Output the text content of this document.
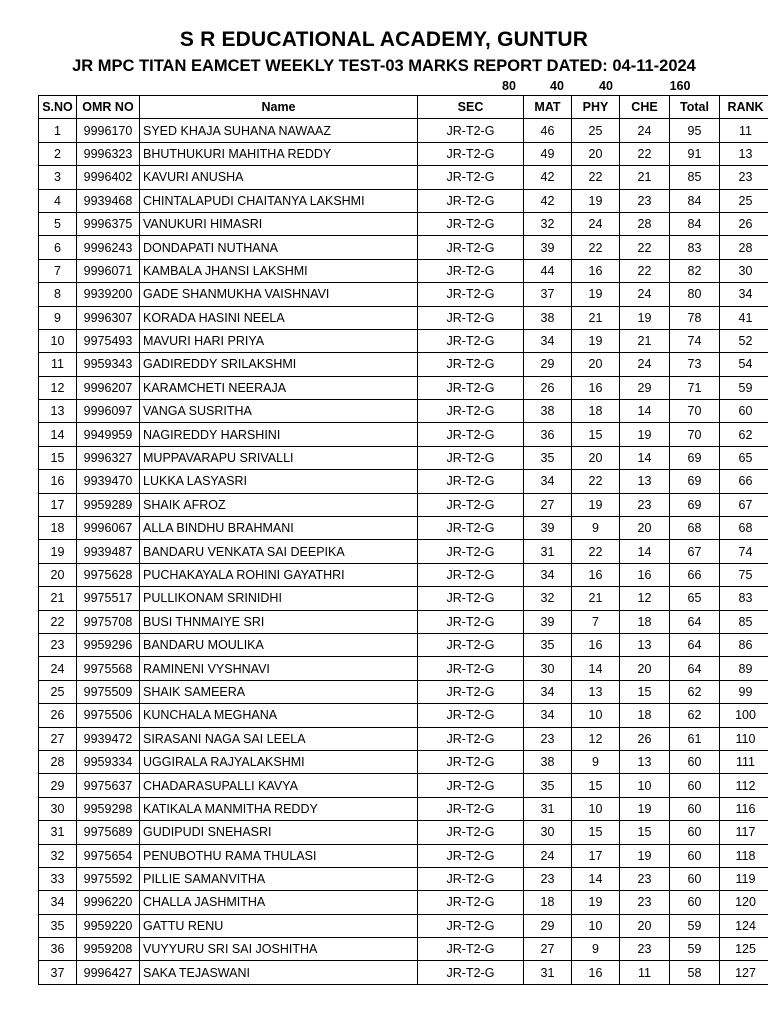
S R EDUCATIONAL ACADEMY, GUNTUR
JR MPC TITAN EAMCET WEEKLY TEST-03 MARKS REPORT DATED: 04-11-2024
80	40	40	160
S.NO	OMR NO	Name	SEC	MAT	PHY	CHE	Total	RANK
1	9996170	SYED KHAJA SUHANA NAWAAZ	JR-T2-G	46	25	24	95	11
2	9996323	BHUTHUKURI MAHITHA REDDY	JR-T2-G	49	20	22	91	13
3	9996402	KAVURI ANUSHA	JR-T2-G	42	22	21	85	23
4	9939468	CHINTALAPUDI CHAITANYA LAKSHMI	JR-T2-G	42	19	23	84	25
5	9996375	VANUKURI HIMASRI	JR-T2-G	32	24	28	84	26
6	9996243	DONDAPATI NUTHANA	JR-T2-G	39	22	22	83	28
7	9996071	KAMBALA JHANSI LAKSHMI	JR-T2-G	44	16	22	82	30
8	9939200	GADE SHANMUKHA VAISHNAVI	JR-T2-G	37	19	24	80	34
9	9996307	KORADA HASINI NEELA	JR-T2-G	38	21	19	78	41
10	9975493	MAVURI HARI PRIYA	JR-T2-G	34	19	21	74	52
11	9959343	GADIREDDY SRILAKSHMI	JR-T2-G	29	20	24	73	54
12	9996207	KARAMCHETI NEERAJA	JR-T2-G	26	16	29	71	59
13	9996097	VANGA SUSRITHA	JR-T2-G	38	18	14	70	60
14	9949959	NAGIREDDY HARSHINI	JR-T2-G	36	15	19	70	62
15	9996327	MUPPAVARAPU SRIVALLI	JR-T2-G	35	20	14	69	65
16	9939470	LUKKA LASYASRI	JR-T2-G	34	22	13	69	66
17	9959289	SHAIK AFROZ	JR-T2-G	27	19	23	69	67
18	9996067	ALLA BINDHU BRAHMANI	JR-T2-G	39	9	20	68	68
19	9939487	BANDARU VENKATA SAI DEEPIKA	JR-T2-G	31	22	14	67	74
20	9975628	PUCHAKAYALA ROHINI GAYATHRI	JR-T2-G	34	16	16	66	75
21	9975517	PULLIKONAM SRINIDHI	JR-T2-G	32	21	12	65	83
22	9975708	BUSI THNMAIYE SRI	JR-T2-G	39	7	18	64	85
23	9959296	BANDARU MOULIKA	JR-T2-G	35	16	13	64	86
24	9975568	RAMINENI VYSHNAVI	JR-T2-G	30	14	20	64	89
25	9975509	SHAIK SAMEERA	JR-T2-G	34	13	15	62	99
26	9975506	KUNCHALA MEGHANA	JR-T2-G	34	10	18	62	100
27	9939472	SIRASANI NAGA SAI LEELA	JR-T2-G	23	12	26	61	110
28	9959334	UGGIRALA RAJYALAKSHMI	JR-T2-G	38	9	13	60	111
29	9975637	CHADARASUPALLI KAVYA	JR-T2-G	35	15	10	60	112
30	9959298	KATIKALA MANMITHA REDDY	JR-T2-G	31	10	19	60	116
31	9975689	GUDIPUDI SNEHASRI	JR-T2-G	30	15	15	60	117
32	9975654	PENUBOTHU RAMA THULASI	JR-T2-G	24	17	19	60	118
33	9975592	PILLIE SAMANVITHA	JR-T2-G	23	14	23	60	119
34	9996220	CHALLA JASHMITHA	JR-T2-G	18	19	23	60	120
35	9959220	GATTU RENU	JR-T2-G	29	10	20	59	124
36	9959208	VUYYURU SRI SAI JOSHITHA	JR-T2-G	27	9	23	59	125
37	9996427	SAKA TEJASWANI	JR-T2-G	31	16	11	58	127
